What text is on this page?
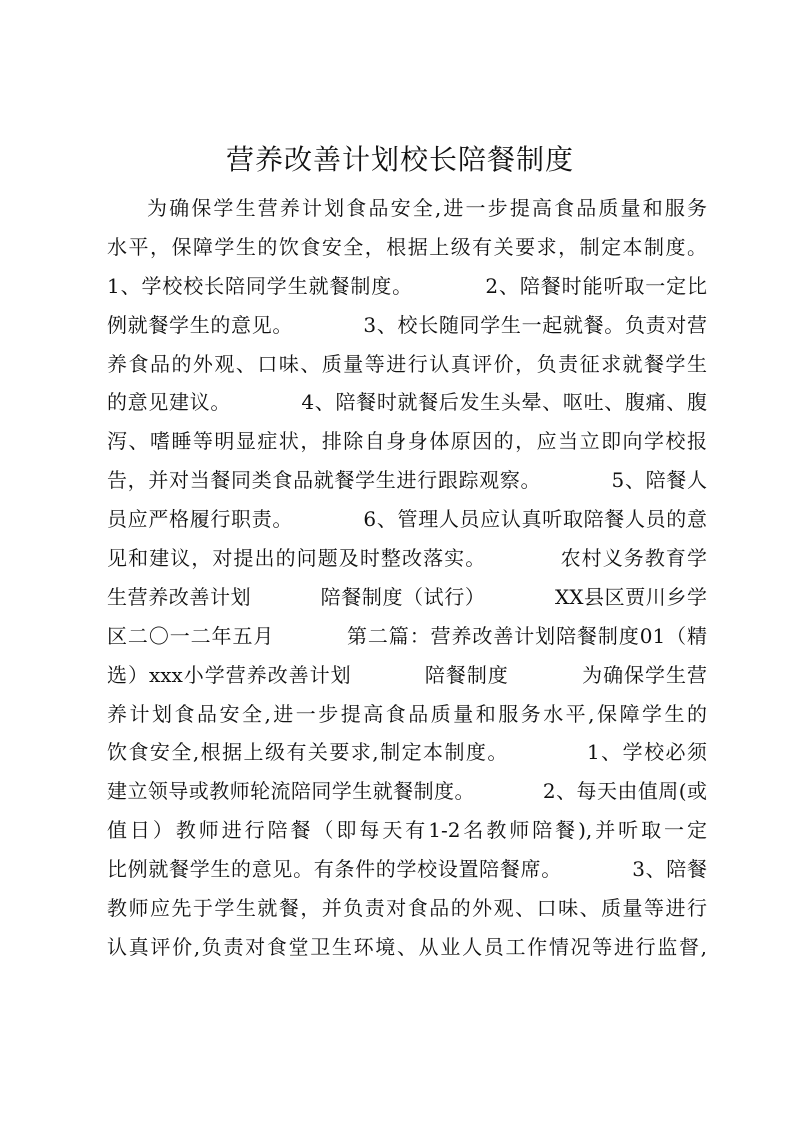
营养改善计划校长陪餐制度
为确保学生营养计划食品安全,进一步提高食品质量和服务
水平，保障学生的饮食安全，根据上级有关要求，制定本制度。
1、学校校长陪同学生就餐制度。          2、陪餐时能听取一定比
例就餐学生的意见。          3、校长随同学生一起就餐。负责对营
养食品的外观、口味、质量等进行认真评价，负责征求就餐学生
的意见建议。          4、陪餐时就餐后发生头晕、呕吐、腹痛、腹
泻、嗜睡等明显症状，排除自身身体原因的，应当立即向学校报
告，并对当餐同类食品就餐学生进行跟踪观察。          5、陪餐人
员应严格履行职责。          6、管理人员应认真听取陪餐人员的意
见和建议，对提出的问题及时整改落实。          农村义务教育学
生营养改善计划          陪餐制度（试行）          XX县区贾川乡学
区二〇一二年五月          第二篇：营养改善计划陪餐制度01（精
选）xxx小学营养改善计划          陪餐制度          为确保学生营
养计划食品安全,进一步提高食品质量和服务水平,保障学生的
饮食安全,根据上级有关要求,制定本制度。          1、学校必须
建立领导或教师轮流陪同学生就餐制度。          2、每天由值周(或
值日）教师进行陪餐（即每天有1-2名教师陪餐),并听取一定
比例就餐学生的意见。有条件的学校设置陪餐席。          3、陪餐
教师应先于学生就餐，并负责对食品的外观、口味、质量等进行
认真评价,负责对食堂卫生环境、从业人员工作情况等进行监督,
